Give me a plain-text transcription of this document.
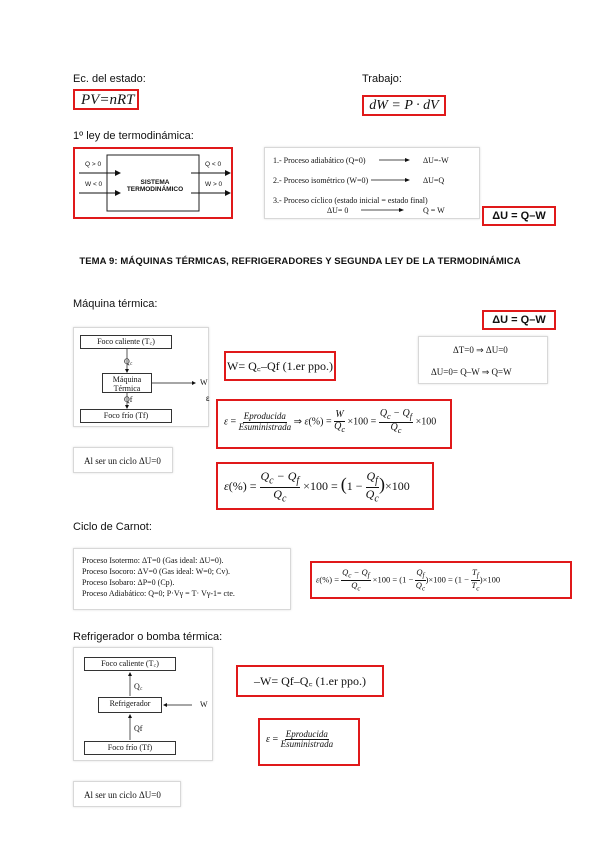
Ec. del estado:
PV=nRT
Trabajo:
dW = P · dV
1º ley de termodinámica:
Q > 0
W < 0
Q < 0
W > 0
SISTEMA TERMODINÁMICO
1.- Proceso adiabático (Q=0)	ΔU=-W
2.- Proceso isométrico (W=0)	ΔU=Q
3.- Proceso cíclico (estado inicial = estado final)
ΔU= 0	Q = W	ΔU = Q–W
TEMA 9: MÁQUINAS TÉRMICAS, REFRIGERADORES Y SEGUNDA LEY DE LA TERMODINÁMICA
Máquina térmica:
ΔU = Q–W
Foco caliente (T꜀)
Q꜀
Máquina
Térmica
W
Qf
Foco frío (Tf)
W= Q꜀–Qf (1.er ppo.)
ΔT=0 ⇒ ΔU=0
ΔU=0= Q–W ⇒ Q=W
ε
$\varepsilon = \frac{\text{Eproducida}}{\text{Esuministrada}}$ ⇒ $\varepsilon(\%) = \frac{W}{Q_c} \times 100 = \frac{Q_c - Q_f}{Q_c} \times 100$
Al ser un ciclo ΔU=0
$\varepsilon(\%) = \frac{Q_c - Q_f}{Q_c} \times 100 = (1 - \frac{Q_f}{Q_c} )\times 100$
Ciclo de Carnot:
Proceso Isotermo: ΔT=0 (Gas ideal: ΔU=0).
Proceso Isocoro: ΔV=0 (Gas ideal: W=0; Cv).
Proceso Isobaro: ΔP=0 (Cp).
Proceso Adiabático: Q=0; P·Vγ = T· Vγ-1= cte.
$\varepsilon(\%) = \frac{Q_c - Q_f}{Q_c} \times 100 = (1 - \frac{Q_f}{Q_c} )\times 100 = (1 - \frac{T_f}{T_c} )\times 100$
Refrigerador o bomba térmica:
Foco caliente (T꜀)
Q꜀
Refrigerador	W
Qf
Foco frío (Tf)
–W= Qf–Q꜀ (1.er ppo.)
$\varepsilon = \frac{\text{Eproducida}}{\text{Esuministrada}}$
Al ser un ciclo ΔU=0
